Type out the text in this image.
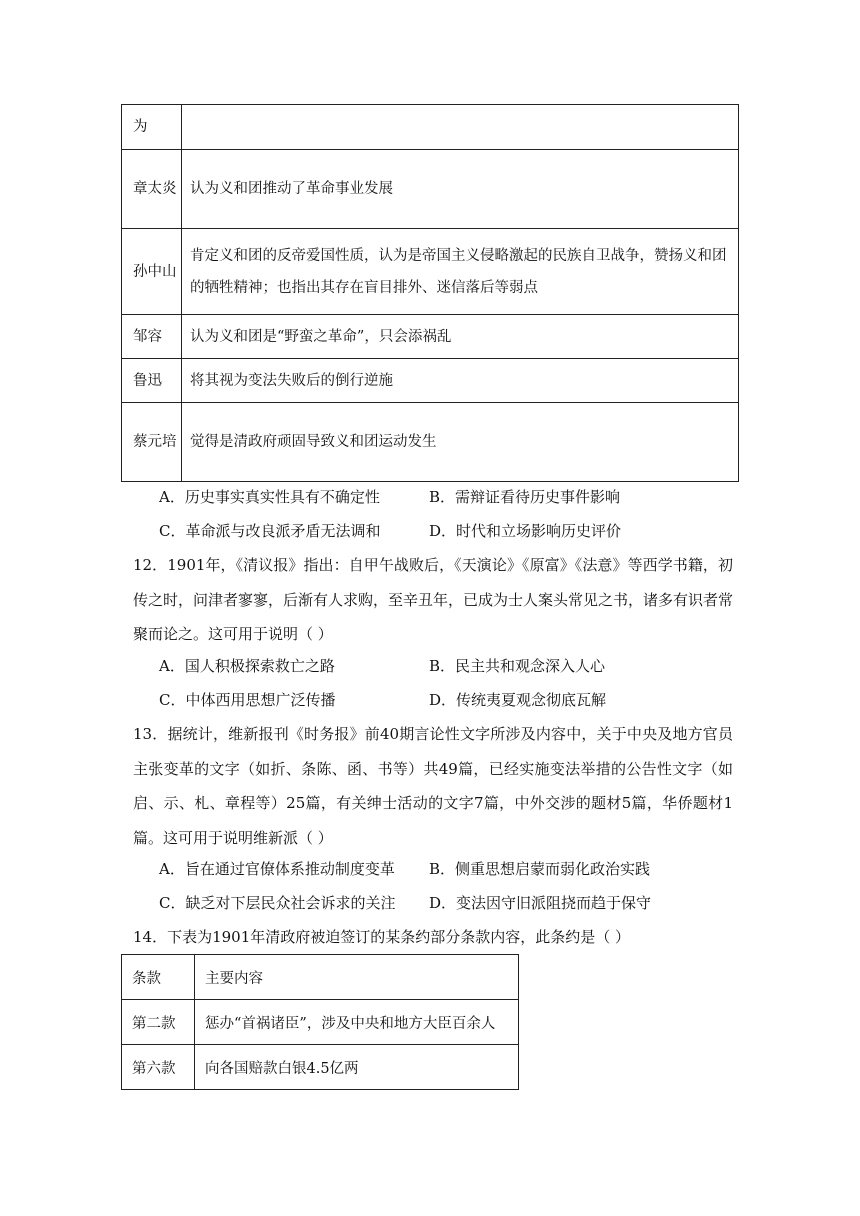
为	
章太炎	认为义和团推动了革命事业发展
孙中山	肯定义和团的反帝爱国性质，认为是帝国主义侵略激起的民族自卫战争，赞扬义和团的牺牲精神；也指出其存在盲目排外、迷信落后等弱点
邹容	认为义和团是“野蛮之革命”，只会添祸乱
鲁迅	将其视为变法失败后的倒行逆施
蔡元培	觉得是清政府顽固导致义和团运动发生
A．历史事实真实性具有不确定性	B．需辩证看待历史事件影响
C．革命派与改良派矛盾无法调和	D．时代和立场影响历史评价
12．1901年，《清议报》指出：自甲午战败后，《天演论》《原富》《法意》等西学书籍，初传之时，问津者寥寥，后渐有人求购，至辛丑年，已成为士人案头常见之书，诸多有识者常聚而论之。这可用于说明（ ）
A．国人积极探索救亡之路	B．民主共和观念深入人心
C．中体西用思想广泛传播	D．传统夷夏观念彻底瓦解
13．据统计，维新报刊《时务报》前40期言论性文字所涉及内容中，关于中央及地方官员主张变革的文字（如折、条陈、函、书等）共49篇，已经实施变法举措的公告性文字（如启、示、札、章程等）25篇，有关绅士活动的文字7篇，中外交涉的题材5篇，华侨题材1篇。这可用于说明维新派（ ）
A．旨在通过官僚体系推动制度变革 B．侧重思想启蒙而弱化政治实践
C．缺乏对下层民众社会诉求的关注 D．变法因守旧派阻挠而趋于保守
14．下表为1901年清政府被迫签订的某条约部分条款内容，此条约是（ ）
条款	主要内容
第二款	惩办“首祸诸臣”，涉及中央和地方大臣百余人
第六款	向各国赔款白银4.5亿两
